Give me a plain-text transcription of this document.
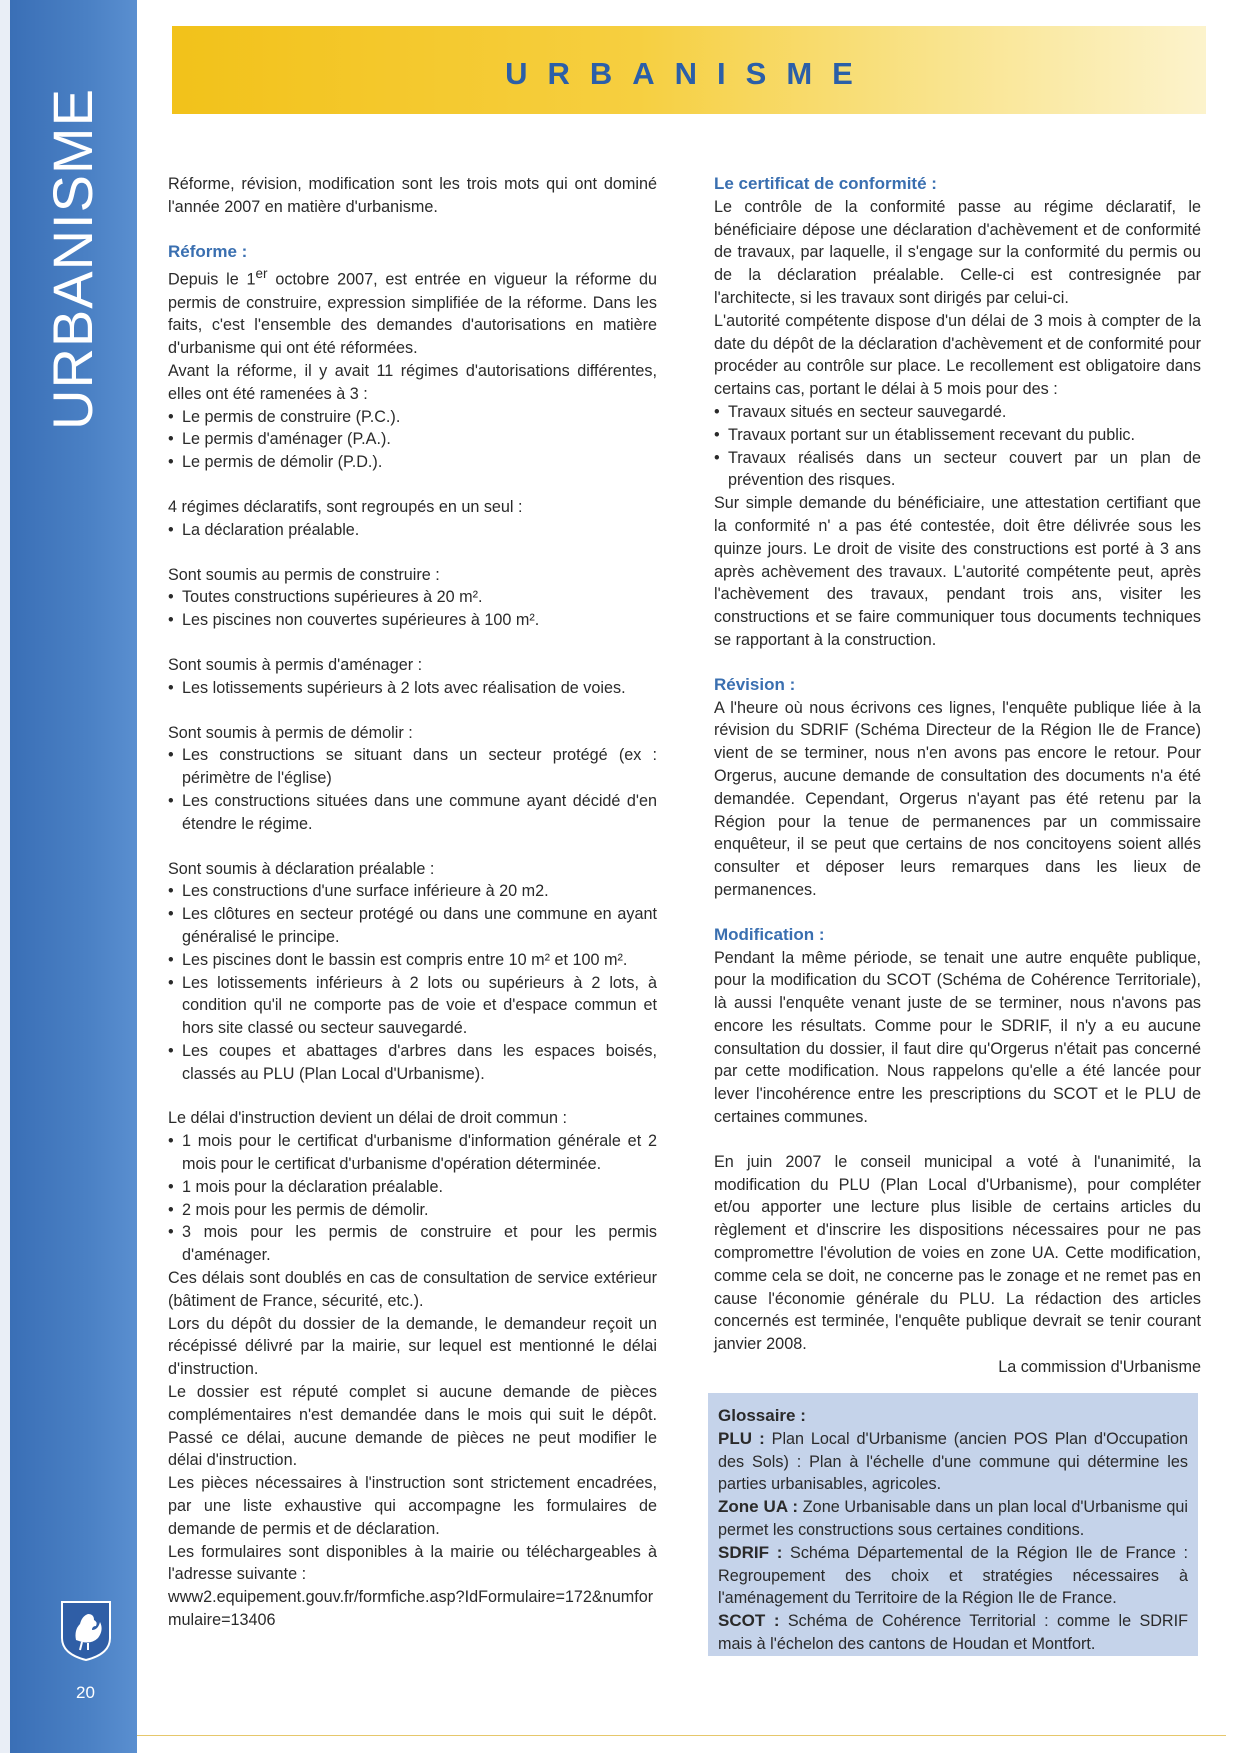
URBANISME
20
URBANISME

Réforme, révision, modification sont les trois mots qui ont dominé l'année 2007 en matière d'urbanisme.

Réforme :

Depuis le 1er octobre 2007, est entrée en vigueur la réforme du permis de construire, expression simplifiée de la réforme. Dans les faits, c'est l'ensemble des demandes d'autorisations en matière d'urbanisme qui ont été réformées.

Avant la réforme, il y avait 11 régimes d'autorisations différentes, elles ont été ramenées à 3 :

• Le permis de construire (P.C.).
• Le permis d'aménager (P.A.).
• Le permis de démolir (P.D.).

4 régimes déclaratifs, sont regroupés en un seul :

• La déclaration préalable.

Sont soumis au permis de construire :

• Toutes constructions supérieures à 20 m².
• Les piscines non couvertes supérieures à 100 m².

Sont soumis à permis d'aménager :

• Les lotissements supérieurs à 2 lots avec réalisation de voies.

Sont soumis à permis de démolir :

• Les constructions se situant dans un secteur protégé (ex : périmètre de l'église)
• Les constructions situées dans une commune ayant décidé d'en étendre le régime.

Sont soumis à déclaration préalable :

• Les constructions d'une surface inférieure à 20 m2.
• Les clôtures en secteur protégé ou dans une commune en ayant généralisé le principe.
• Les piscines dont le bassin est compris entre 10 m² et 100 m².
• Les lotissements inférieurs à 2 lots ou supérieurs à 2 lots, à condition qu'il ne comporte pas de voie et d'espace commun et hors site classé ou secteur sauvegardé.
• Les coupes et abattages d'arbres dans les espaces boisés, classés au PLU (Plan Local d'Urbanisme).

Le délai d'instruction devient un délai de droit commun :

• 1 mois pour le certificat d'urbanisme d'information générale et 2 mois pour le certificat d'urbanisme d'opération déterminée.
• 1 mois pour la déclaration préalable.
• 2 mois pour les permis de démolir.
• 3 mois pour les permis de construire et pour les permis d'aménager.

Ces délais sont doublés en cas de consultation de service extérieur (bâtiment de France, sécurité, etc.).

Lors du dépôt du dossier de la demande, le demandeur reçoit un récépissé délivré par la mairie, sur lequel est mentionné le délai d'instruction.

Le dossier est réputé complet si aucune demande de pièces complémentaires n'est demandée dans le mois qui suit le dépôt. Passé ce délai, aucune demande de pièces ne peut modifier le délai d'instruction.

Les pièces nécessaires à l'instruction sont strictement encadrées, par une liste exhaustive qui accompagne les formulaires de demande de permis et de déclaration.

Les formulaires sont disponibles à la mairie ou téléchargeables à l'adresse suivante :

www2.equipement.gouv.fr/formfiche.asp?IdFormulaire=172&numformulaire=13406

Le certificat de conformité :

Le contrôle de la conformité passe au régime déclaratif, le bénéficiaire dépose une déclaration d'achèvement et de conformité de travaux, par laquelle, il s'engage sur la conformité du permis ou de la déclaration préalable. Celle-ci est contresignée par l'architecte, si les travaux sont dirigés par celui-ci.

L'autorité compétente dispose d'un délai de 3 mois à compter de la date du dépôt de la déclaration d'achèvement et de conformité pour procéder au contrôle sur place. Le recollement est obligatoire dans certains cas, portant le délai à 5 mois pour des :

• Travaux situés en secteur sauvegardé.
• Travaux portant sur un établissement recevant du public.
• Travaux réalisés dans un secteur couvert par un plan de prévention des risques.

Sur simple demande du bénéficiaire, une attestation certifiant que la conformité n' a pas été contestée, doit être délivrée sous les quinze jours. Le droit de visite des constructions est porté à 3 ans après achèvement des travaux. L'autorité compétente peut, après l'achèvement des travaux, pendant trois ans, visiter les constructions et se faire communiquer tous documents techniques se rapportant à la construction.

Révision :

A l'heure où nous écrivons ces lignes, l'enquête publique liée à la révision du SDRIF (Schéma Directeur de la Région Ile de France) vient de se terminer, nous n'en avons pas encore le retour. Pour Orgerus, aucune demande de consultation des documents n'a été demandée. Cependant, Orgerus n'ayant pas été retenu par la Région pour la tenue de permanences par un commissaire enquêteur, il se peut que certains de nos concitoyens soient allés consulter et déposer leurs remarques dans les lieux de permanences.

Modification :

Pendant la même période, se tenait une autre enquête publique, pour la modification du SCOT (Schéma de Cohérence Territoriale), là aussi l'enquête venant juste de se terminer, nous n'avons pas encore les résultats. Comme pour le SDRIF, il n'y a eu aucune consultation du dossier, il faut dire qu'Orgerus n'était pas concerné par cette modification. Nous rappelons qu'elle a été lancée pour lever l'incohérence entre les prescriptions du SCOT et le PLU de certaines communes.

En juin 2007 le conseil municipal a voté à l'unanimité, la modification du PLU (Plan Local d'Urbanisme), pour compléter et/ou apporter une lecture plus lisible de certains articles du règlement et d'inscrire les dispositions nécessaires pour ne pas compromettre l'évolution de voies en zone UA. Cette modification, comme cela se doit, ne concerne pas le zonage et ne remet pas en cause l'économie générale du PLU. La rédaction des articles concernés est terminée, l'enquête publique devrait se tenir courant janvier 2008.

La commission d'Urbanisme

Glossaire :

PLU : Plan Local d'Urbanisme (ancien POS Plan d'Occupation des Sols) : Plan à l'échelle d'une commune qui détermine les parties urbanisables, agricoles.

Zone UA : Zone Urbanisable dans un plan local d'Urbanisme qui permet les constructions sous certaines conditions.

SDRIF : Schéma Départemental de la Région Ile de France : Regroupement des choix et stratégies nécessaires à l'aménagement du Territoire de la Région Ile de France.

SCOT : Schéma de Cohérence Territorial : comme le SDRIF mais à l'échelon des cantons de Houdan et Montfort.
